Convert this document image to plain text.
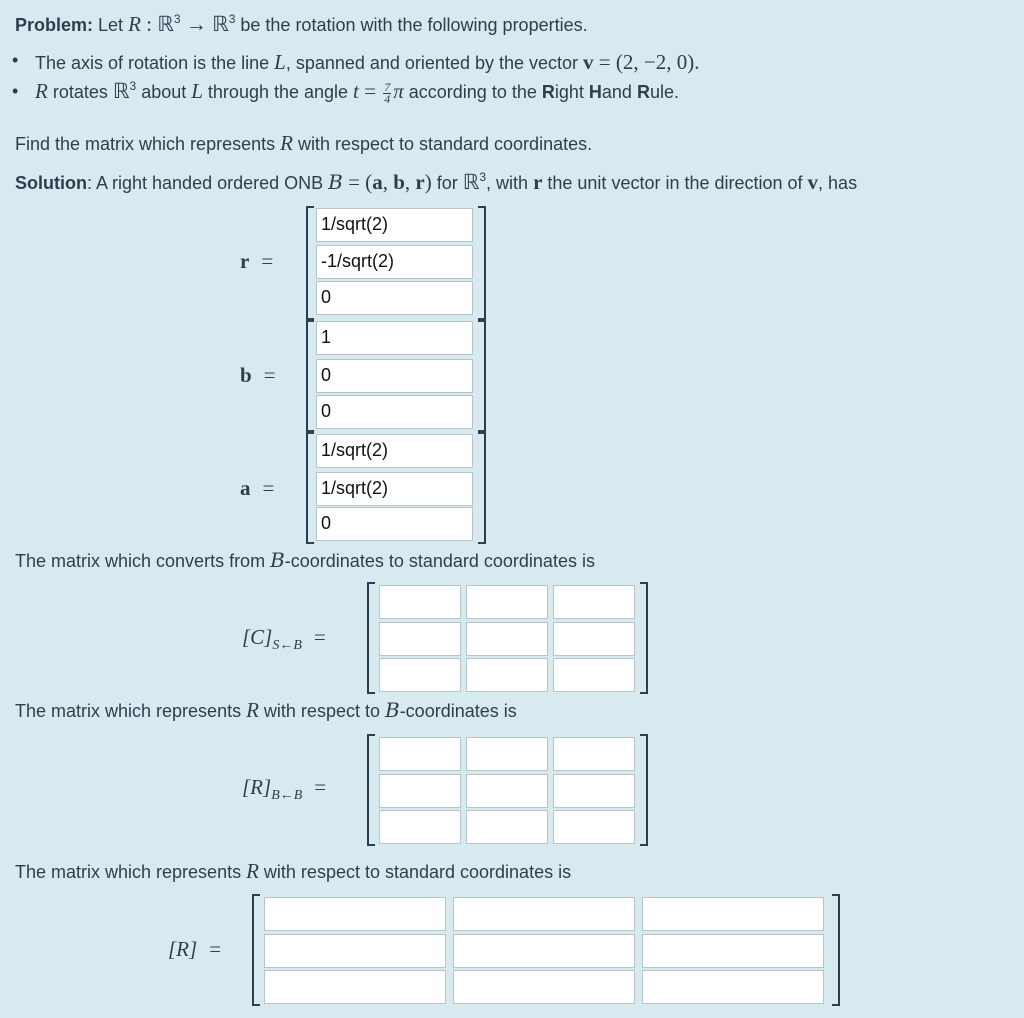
Problem: Let R : ℝ$^3$ → ℝ$^3$ be the rotation with the following properties.
• The axis of rotation is the line L, spanned and oriented by the vector v = (2, −2, 0).
• R rotates ℝ$^3$ about L through the angle $t = \frac{7}{4}$ π according to the Right Hand Rule.
Find the matrix which represents R with respect to standard coordinates.
Solution: A right handed ordered ONB B = (a, b, r) for ℝ$^3$, with r the unit vector in the direction of v, has
r =
1/sqrt(2)
-1/sqrt(2)
0
b =
1
0
0
a =
1/sqrt(2)
1/sqrt(2)
0
The matrix which converts from B-coordinates to standard coordinates is
$[C]_{S\leftarrow B}$ =
The matrix which represents R with respect to B-coordinates is
$[R]_{B\leftarrow B}$ =
The matrix which represents R with respect to standard coordinates is
[R] =
